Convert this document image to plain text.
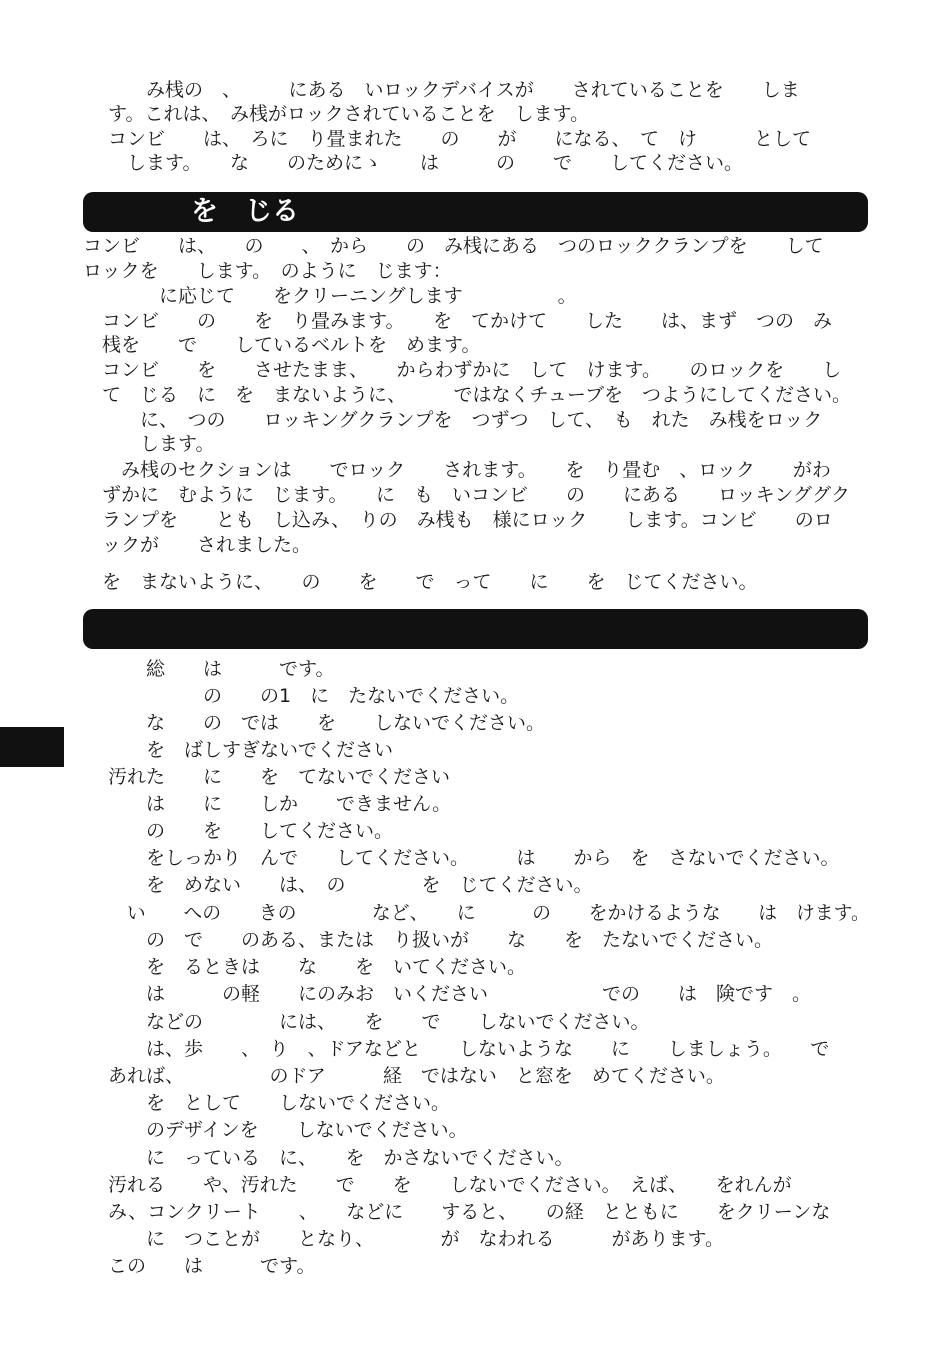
　　み桟の　、　　　にある　いロックデバイスが　　されていることを　　しま
す。これは、　み桟がロックされていることを　します。
コンビ　　は、　ろに　り畳まれた　　の　　が　　になる、　て　け　　　として
　します。　　な　　のためにゝ　　は　　　の　　で　　してください。
　　　　を　じる
コンビ　　は、　　の　　、　から　　の　み桟にある　つのロッククランプを　　して
ロックを　　します。　のように　じます：
　　　　に応じて　　をクリーニングします　　　　　。
　コンビ　　の　　を　り畳みます。　　を　てかけて　　した　　は、まず　つの　み
　桟を　　で　　しているベルトを　めます。
　コンビ　　を　　させたまま、　　からわずかに　して　けます。　　のロックを　　し
　て　じる　に　を　まないように、　　　ではなくチューブを　つようにしてください。
　　　に、　つの　　ロッキングクランプを　つずつ　して、　も　れた　み桟をロック
　　　します。
　　み桟のセクションは　　でロック　　されます。　　を　り畳む　、ロック　　がわ
　ずかに　むように　じます。　　に　も　いコンビ　　の　　にある　　ロッキンググク
　ランプを　　とも　し込み、　りの　み桟も　様にロック　　します。コンビ　　のロ
　ックが　　されました。
　を　まないように、　　の　　を　　で　って　　に　　を　じてください。
　　総　　は　　　です。
　　　　　の　　の1　に　たないでください。
　　な　　の　では　　を　　しないでください。
　　を　ばしすぎないでください
汚れた　　に　　を　てないでください
　　は　　に　　しか　　できません。
　　の　　を　　してください。
　　をしっかり　んで　　してください。　　　は　　から　を　さないでください。
　　を　めない　　は、　の　　　　を　じてください。
　い　　への　　きの　　　　など、　　に　　　の　　をかけるような　　は　けます。
　　の　で　　のある、または　り扱いが　　な　　を　たないでください。
　　を　るときは　　な　　を　いてください。
　　は　　　の軽　　にのみお　いください　　　　　　での　　は　険です　。
　　などの　　　　には、　　を　　で　　しないでください。
　　は、歩　　、　り　、ドアなどと　　しないような　　に　　しましょう。　　で
あれば、　　　　　のドア　　　経　ではない　と窓を　めてください。
　　を　として　　しないでください。
　　のデザインを　　しないでください。
　　に　っている　に、　　を　かさないでください。
汚れる　　や、汚れた　　で　　を　　しないでください。　えば、　　をれんが
み、コンクリート　　、　　などに　　すると、　　の経　とともに　　をクリーンな
　　に　つことが　　となり、　　　　が　なわれる　　　があります。
この　　は　　　です。
